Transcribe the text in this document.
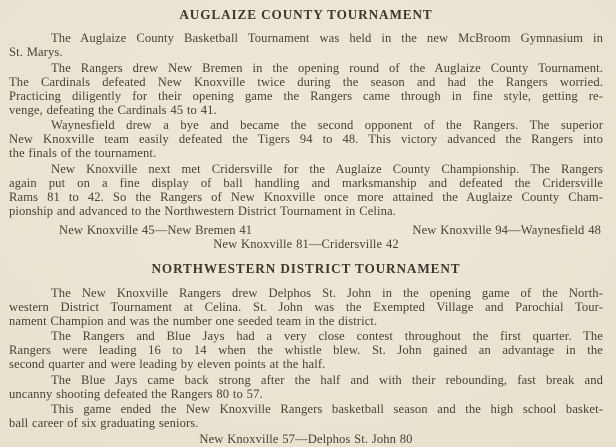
AUGLAIZE COUNTY TOURNAMENT

The Auglaize County Basketball Tournament was held in the new McBroom Gymnasium in
St. Marys.

The Rangers drew New Bremen in the opening round of the Auglaize County Tournament.
The Cardinals defeated New Knoxville twice during the season and had the Rangers worried.
Practicing diligently for their opening game the Rangers came through in fine style, getting re-
venge, defeating the Cardinals 45 to 41.

Waynesfield drew a bye and became the second opponent of the Rangers. The superior
New Knoxville team easily defeated the Tigers 94 to 48. This victory advanced the Rangers into
the finals of the tournament.

New Knoxville next met Cridersville for the Auglaize County Championship. The Rangers
again put on a fine display of ball handling and marksmanship and defeated the Cridersville
Rams 81 to 42. So the Rangers of New Knoxville once more attained the Auglaize County Cham-
pionship and advanced to the Northwestern District Tournament in Celina.

New Knoxville 45—New Bremen 41	New Knoxville 94—Waynesfield 48
New Knoxville 81—Cridersville 42
NORTHWESTERN DISTRICT TOURNAMENT

The New Knoxville Rangers drew Delphos St. John in the opening game of the North-
western District Tournament at Celina. St. John was the Exempted Village and Parochial Tour-
nament Champion and was the number one seeded team in the district.

The Rangers and Blue Jays had a very close contest throughout the first quarter. The
Rangers were leading 16 to 14 when the whistle blew. St. John gained an advantage in the
second quarter and were leading by eleven points at the half.

The Blue Jays came back strong after the half and with their rebounding, fast break and
uncanny shooting defeated the Rangers 80 to 57.

This game ended the New Knoxville Rangers basketball season and the high school basket-
ball career of six graduating seniors.

New Knoxville 57—Delphos St. John 80
